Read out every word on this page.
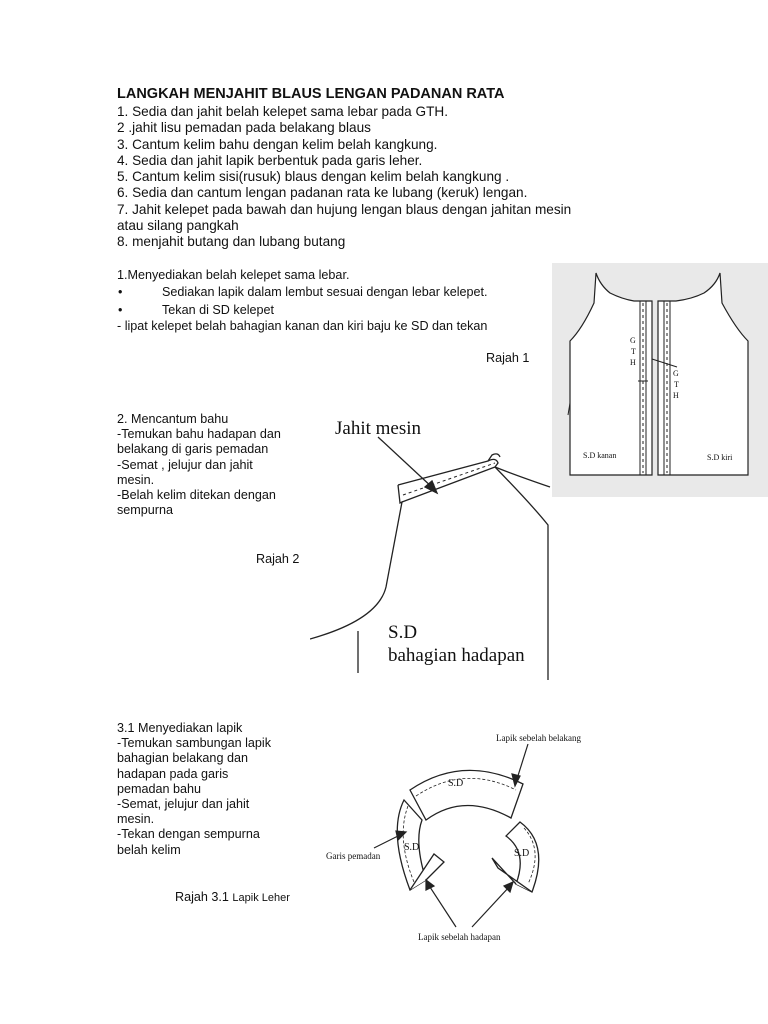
LANGKAH MENJAHIT BLAUS LENGAN PADANAN RATA
1. Sedia dan jahit belah kelepet sama lebar pada GTH.
2 .jahit lisu pemadan pada belakang blaus
3. Cantum kelim bahu dengan kelim belah kangkung.
4. Sedia dan jahit lapik berbentuk pada garis leher.
5. Cantum kelim sisi(rusuk) blaus dengan kelim belah kangkung .
6. Sedia dan cantum lengan padanan rata ke lubang (keruk) lengan.
7. Jahit kelepet pada bawah dan hujung lengan blaus dengan jahitan mesin
atau silang pangkah
8. menjahit butang dan lubang butang
1.Menyediakan belah kelepet sama lebar.
•	Sediakan lapik dalam lembut sesuai dengan lebar kelepet.
•	Tekan di SD kelepet
- lipat kelepet belah bahagian kanan dan kiri baju ke SD dan tekan
Rajah 1
G
T
H
G
T
H
S.D kanan	S.D kiri
2. Mencantum bahu
-Temukan bahu hadapan dan
belakang di garis pemadan
-Semat , jelujur dan jahit
mesin.
-Belah kelim ditekan dengan
sempurna
Rajah 2
Jahit mesin
S.D
bahagian hadapan
3.1 Menyediakan lapik
-Temukan sambungan lapik
bahagian belakang dan
hadapan pada garis
pemadan bahu
-Semat, jelujur dan jahit
mesin.
-Tekan dengan sempurna
belah kelim
Rajah 3.1 Lapik Leher
Lapik sebelah belakang
Garis pemadan
Lapik sebelah hadapan
S.D
S.D
S.D
